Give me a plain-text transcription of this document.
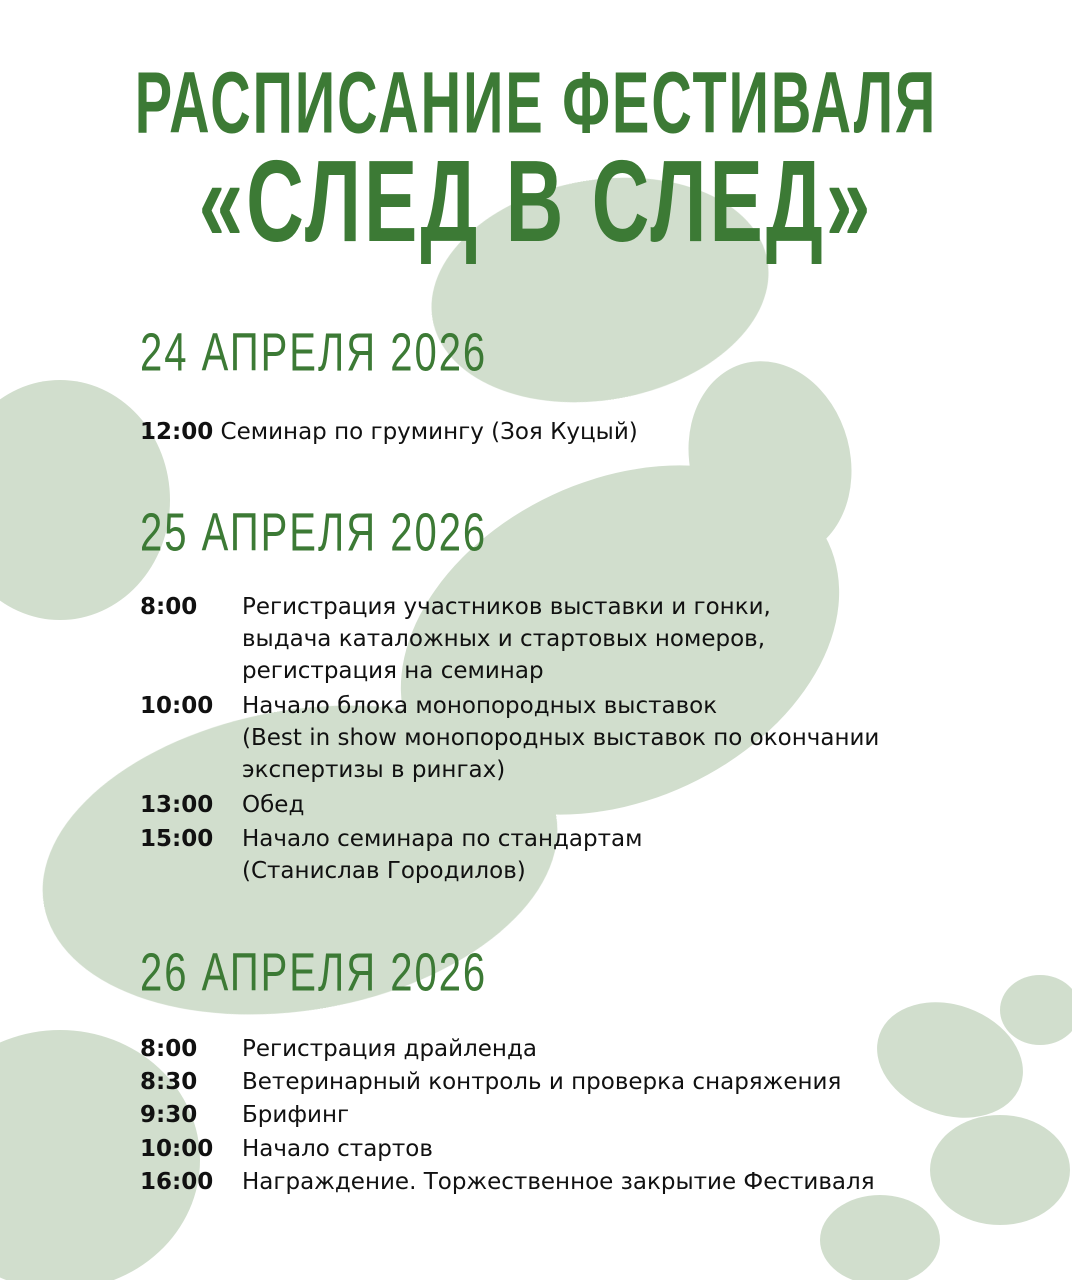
РАСПИСАНИЕ ФЕСТИВАЛЯ
«СЛЕД В СЛЕД»
24 АПРЕЛЯ 2026
12:00 Семинар по грумингу (Зоя Куцый)
25 АПРЕЛЯ 2026
8:00 Регистрация участников выставки и гонки,
выдача каталожных и стартовых номеров,
регистрация на семинар
10:00 Начало блока монопородных выставок
(Best in show монопородных выставок по окончании
экспертизы в рингах)
13:00 Обед
15:00 Начало семинара по стандартам
(Станислав Городилов)
26 АПРЕЛЯ 2026
8:00 Регистрация драйленда
8:30 Ветеринарный контроль и проверка снаряжения
9:30 Брифинг
10:00 Начало стартов
16:00 Награждение. Торжественное закрытие Фестиваля
